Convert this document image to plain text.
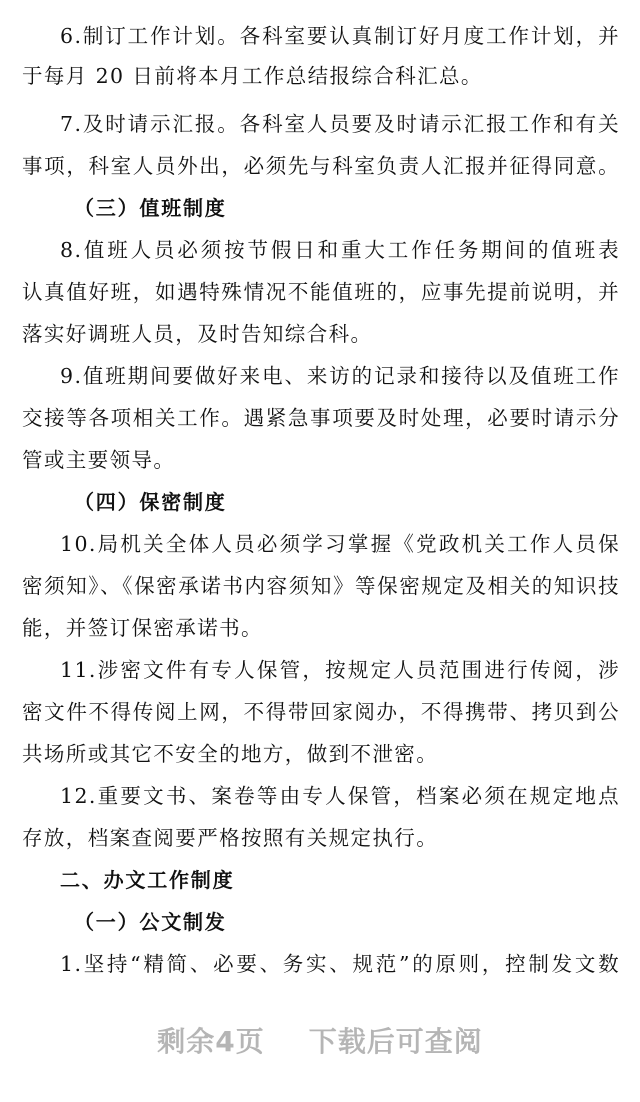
6.制订工作计划。各科室要认真制订好月度工作计划，并
于每月 20 日前将本月工作总结报综合科汇总。
7.及时请示汇报。各科室人员要及时请示汇报工作和有关
事项，科室人员外出，必须先与科室负责人汇报并征得同意。
（三）值班制度
8.值班人员必须按节假日和重大工作任务期间的值班表
认真值好班，如遇特殊情况不能值班的，应事先提前说明，并
落实好调班人员，及时告知综合科。
9.值班期间要做好来电、来访的记录和接待以及值班工作
交接等各项相关工作。遇紧急事项要及时处理，必要时请示分
管或主要领导。
（四）保密制度
10.局机关全体人员必须学习掌握《党政机关工作人员保
密须知》、《保密承诺书内容须知》等保密规定及相关的知识技
能，并签订保密承诺书。
11.涉密文件有专人保管，按规定人员范围进行传阅，涉
密文件不得传阅上网，不得带回家阅办，不得携带、拷贝到公
共场所或其它不安全的地方，做到不泄密。
12.重要文书、案卷等由专人保管，档案必须在规定地点
存放，档案查阅要严格按照有关规定执行。
二、办文工作制度
（一）公文制发
1.坚持“精简、必要、务实、规范”的原则，控制发文数
剩余4页 下载后可查阅
